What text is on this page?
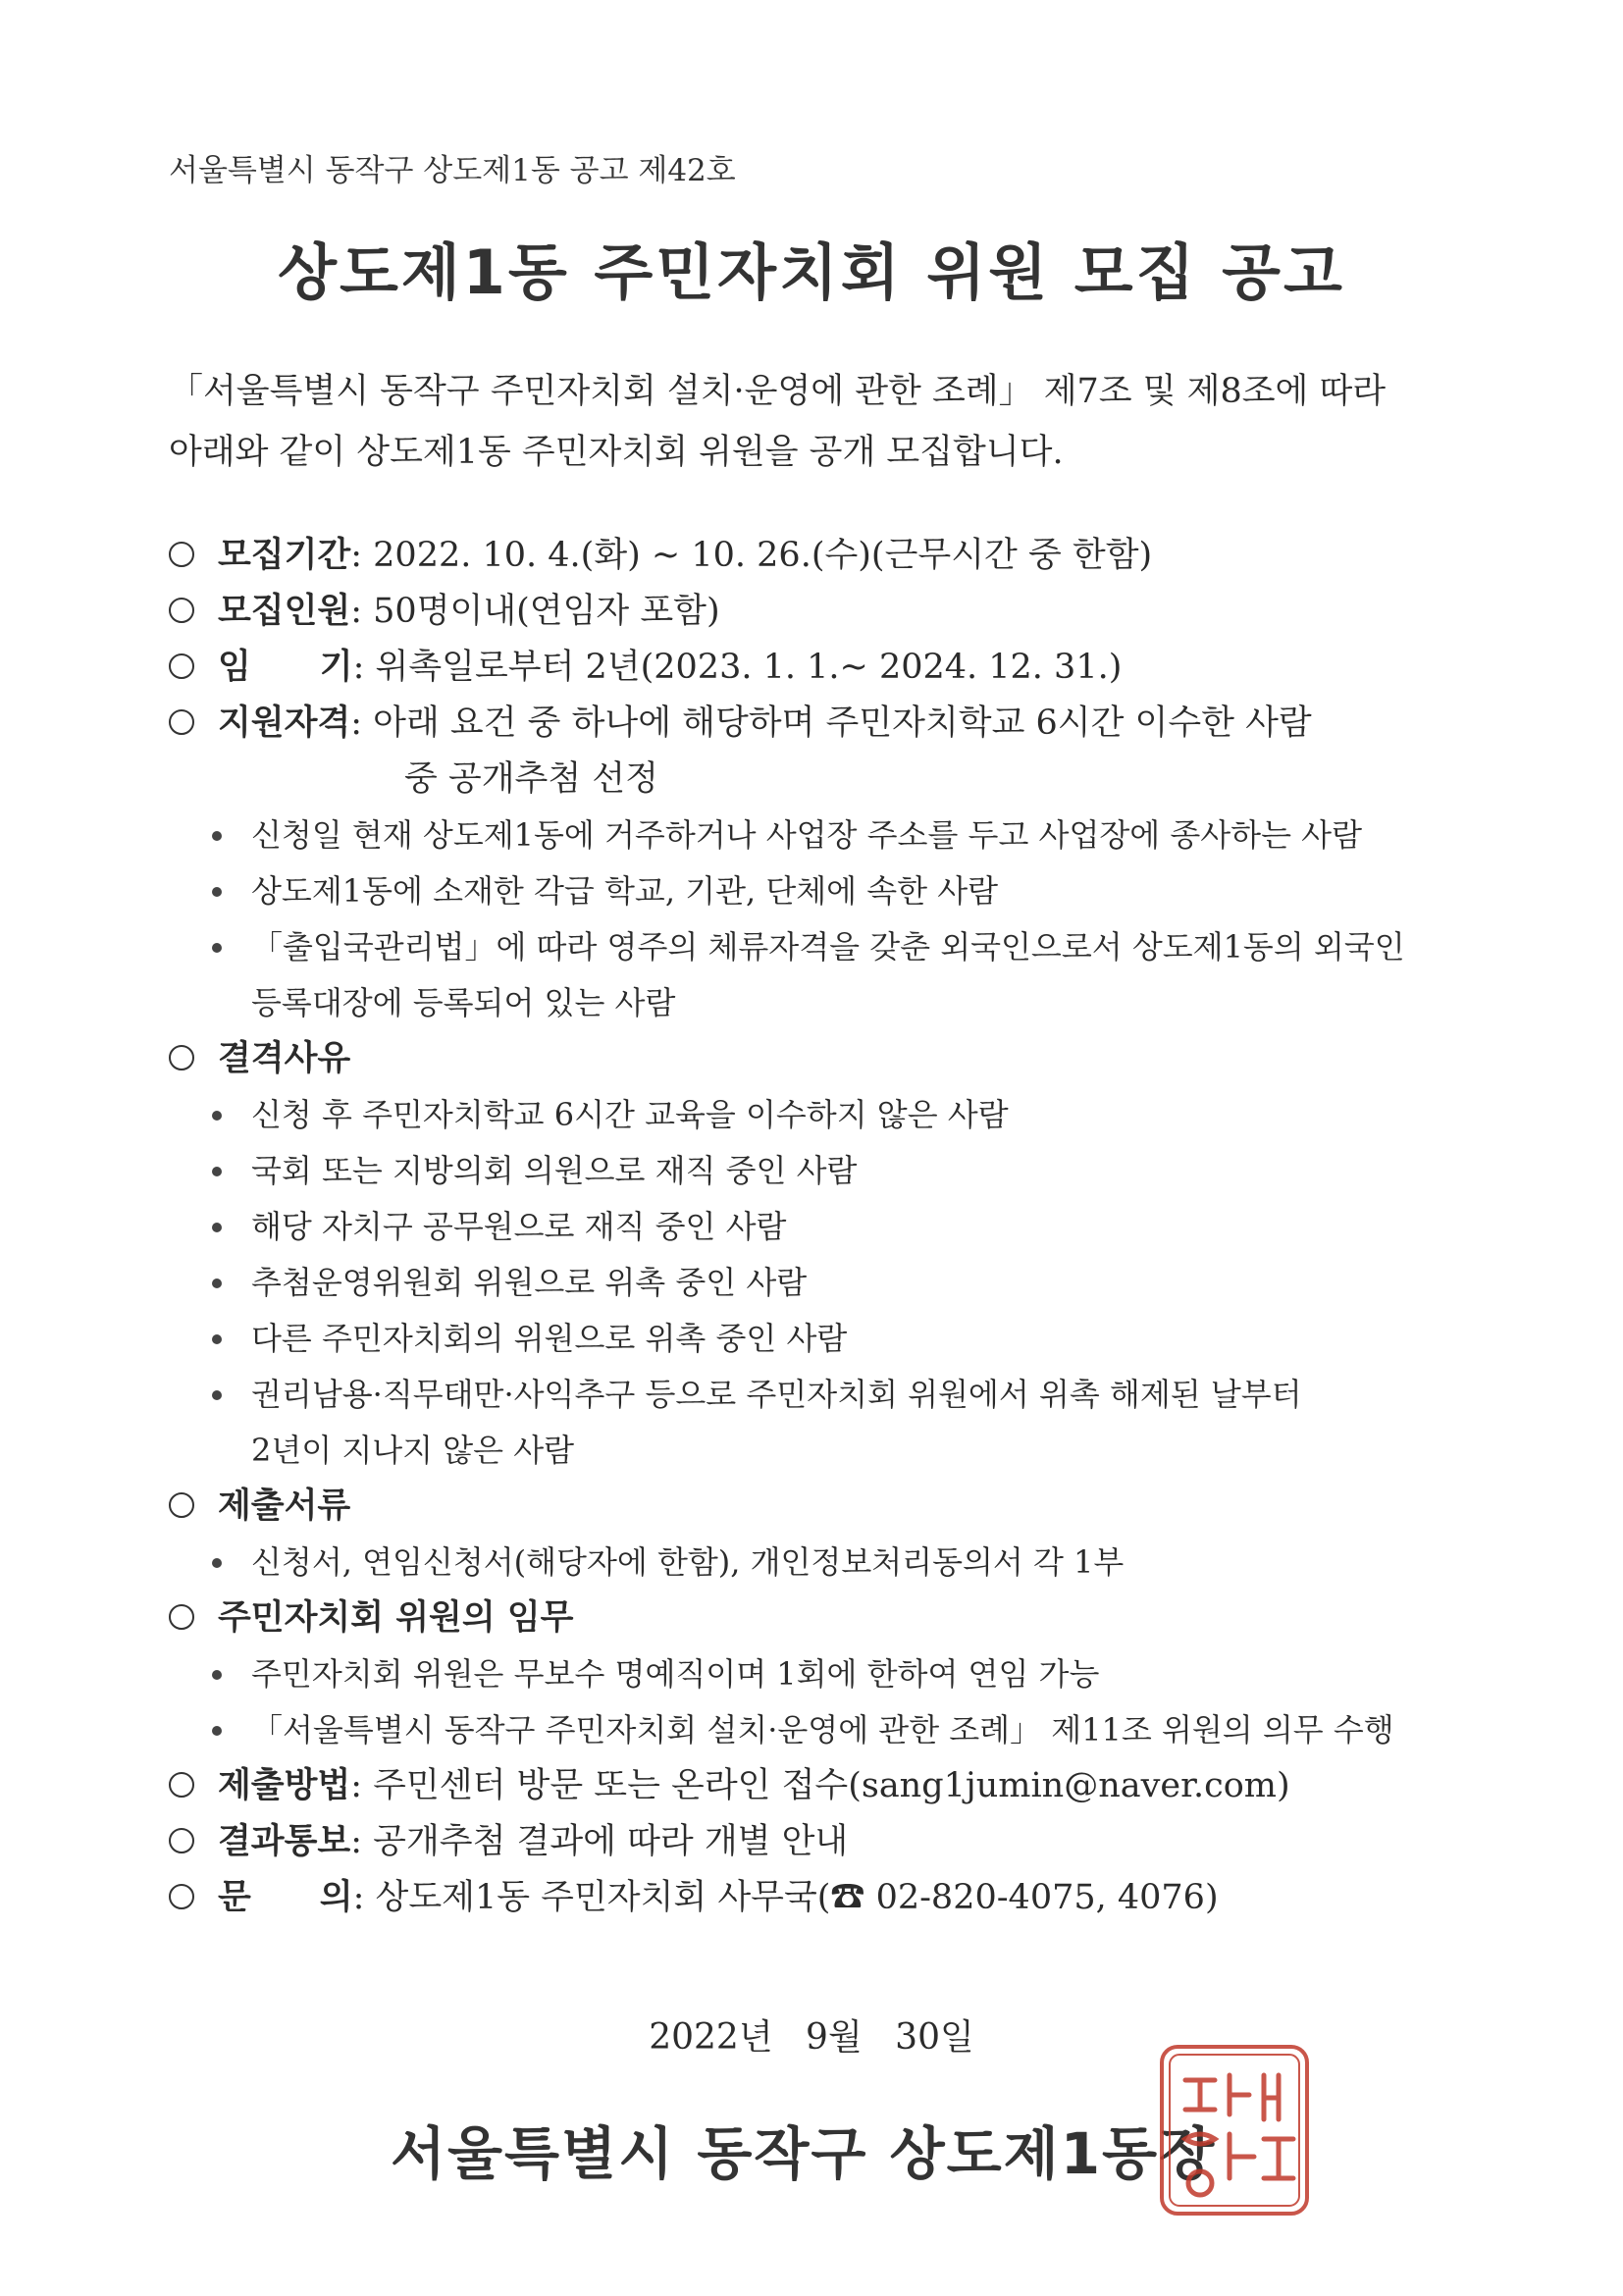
서울특별시 동작구 상도제1동 공고 제42호
상도제1동 주민자치회 위원 모집 공고
「서울특별시 동작구 주민자치회 설치·운영에 관한 조례」 제7조 및 제8조에 따라
아래와 같이 상도제1동 주민자치회 위원을 공개 모집합니다.
모집기간: 2022. 10. 4.(화) ~ 10. 26.(수)(근무시간 중 한함)
모집인원: 50명이내(연임자 포함)
임　　기: 위촉일로부터 2년(2023. 1. 1.~ 2024. 12. 31.)
지원자격: 아래 요건 중 하나에 해당하며 주민자치학교 6시간 이수한 사람
중 공개추첨 선정
신청일 현재 상도제1동에 거주하거나 사업장 주소를 두고 사업장에 종사하는 사람
상도제1동에 소재한 각급 학교, 기관, 단체에 속한 사람
「출입국관리법」에 따라 영주의 체류자격을 갖춘 외국인으로서 상도제1동의 외국인
등록대장에 등록되어 있는 사람
결격사유
신청 후 주민자치학교 6시간 교육을 이수하지 않은 사람
국회 또는 지방의회 의원으로 재직 중인 사람
해당 자치구 공무원으로 재직 중인 사람
추첨운영위원회 위원으로 위촉 중인 사람
다른 주민자치회의 위원으로 위촉 중인 사람
권리남용·직무태만·사익추구 등으로 주민자치회 위원에서 위촉 해제된 날부터
2년이 지나지 않은 사람
제출서류
신청서, 연임신청서(해당자에 한함), 개인정보처리동의서 각 1부
주민자치회 위원의 임무
주민자치회 위원은 무보수 명예직이며 1회에 한하여 연임 가능
「서울특별시 동작구 주민자치회 설치·운영에 관한 조례」 제11조 위원의 의무 수행
제출방법: 주민센터 방문 또는 온라인 접수(sang1jumin@naver.com)
결과통보: 공개추첨 결과에 따라 개별 안내
문　　의: 상도제1동 주민자치회 사무국(☎ 02-820-4075, 4076)
2022년 9월 30일
서울특별시 동작구 상도제1동장
